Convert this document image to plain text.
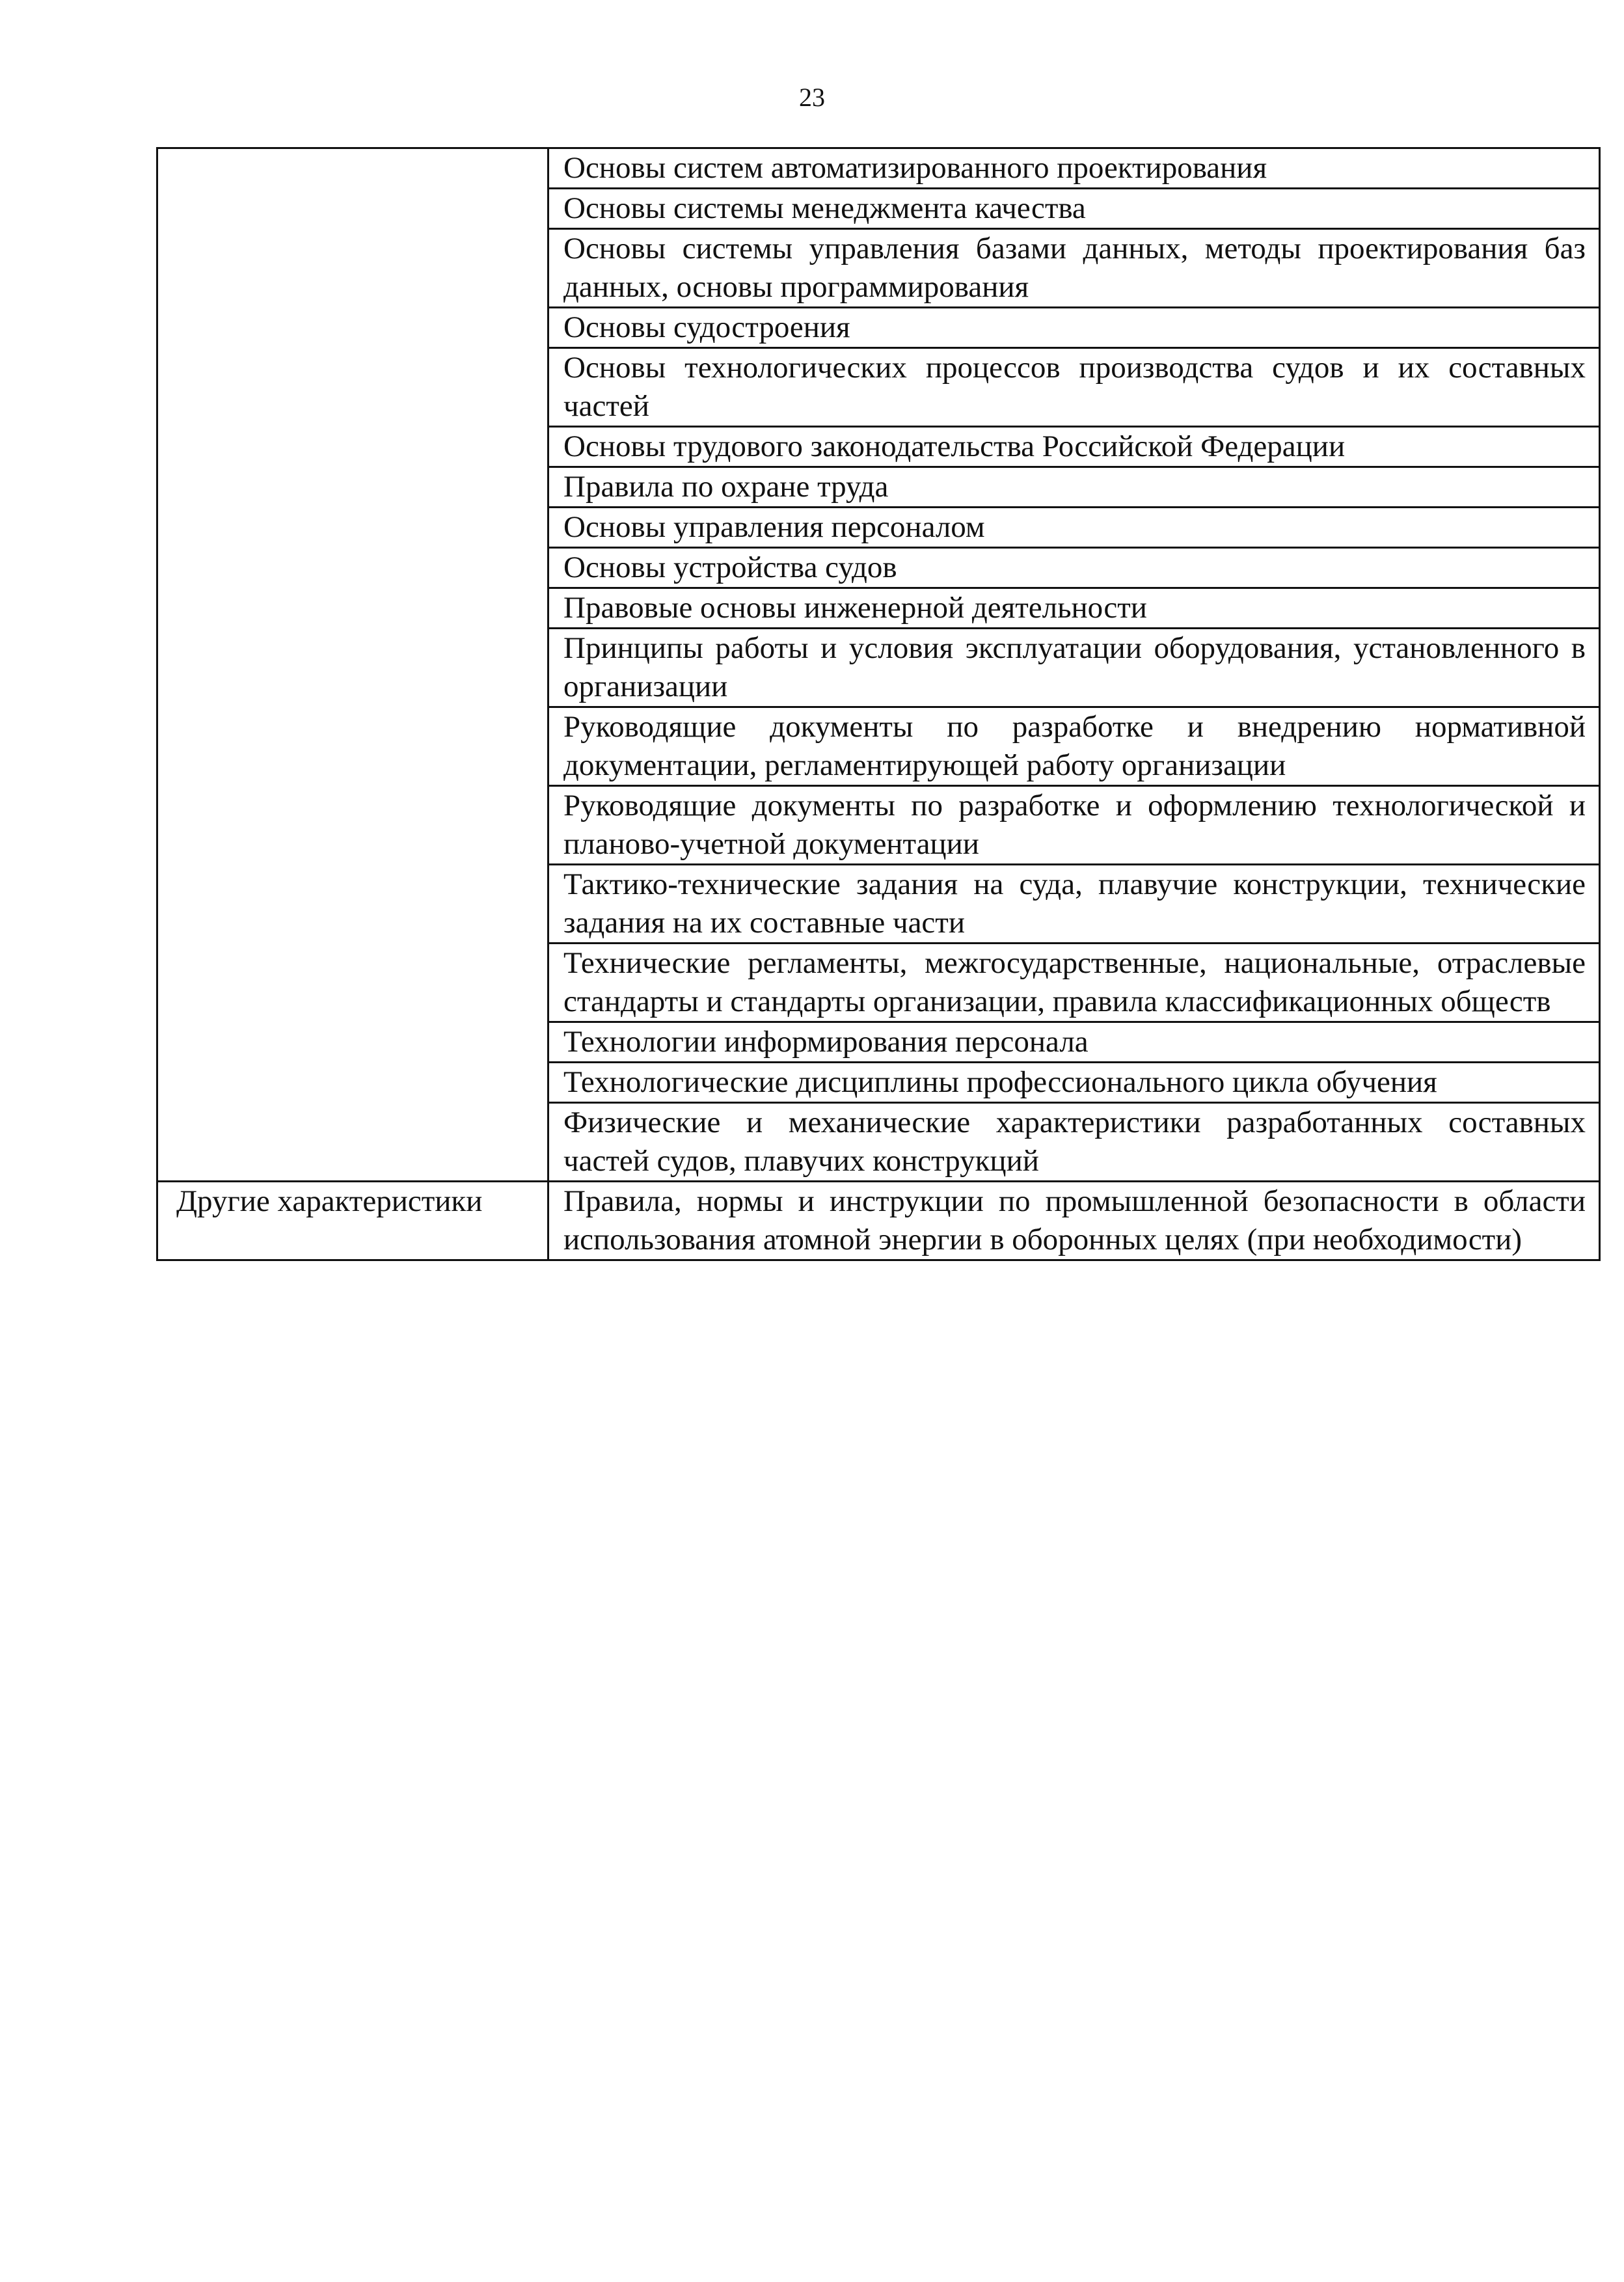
23
	Основы систем автоматизированного проектирования
	Основы системы менеджмента качества
	Основы системы управления базами данных, методы проектирования баз данных, основы программирования
	Основы судостроения
	Основы технологических процессов производства судов и их составных частей
	Основы трудового законодательства Российской Федерации
	Правила по охране труда
	Основы управления персоналом
	Основы устройства судов
	Правовые основы инженерной деятельности
	Принципы работы и условия эксплуатации оборудования, установленного в организации
	Руководящие документы по разработке и внедрению нормативной документации, регламентирующей работу организации
	Руководящие документы по разработке и оформлению технологической и планово-учетной документации
	Тактико-технические задания на суда, плавучие конструкции, технические задания на их составные части
	Технические регламенты, межгосударственные, национальные, отраслевые стандарты и стандарты организации, правила классификационных обществ
	Технологии информирования персонала
	Технологические дисциплины профессионального цикла обучения
	Физические и механические характеристики разработанных составных частей судов, плавучих конструкций
Другие характеристики	Правила, нормы и инструкции по промышленной безопасности в области использования атомной энергии в оборонных целях (при необходимости)
